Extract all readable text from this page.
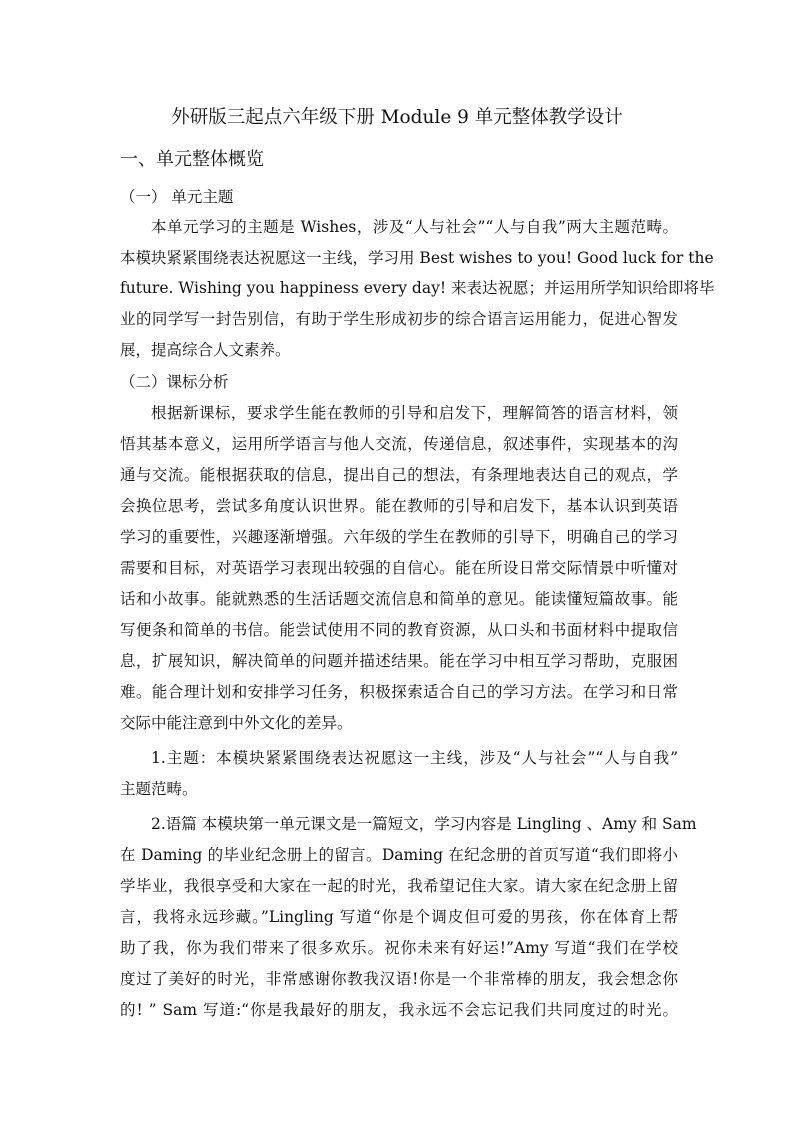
外研版三起点六年级下册 Module 9 单元整体教学设计
一、单元整体概览
（一） 单元主题
本单元学习的主题是 Wishes，涉及“人与社会”“人与自我”两大主题范畴。
本模块紧紧围绕表达祝愿这一主线，学习用 Best wishes to you! Good luck for the
future. Wishing you happiness every day! 来表达祝愿；并运用所学知识给即将毕
业的同学写一封告别信，有助于学生形成初步的综合语言运用能力，促进心智发
展，提高综合人文素养。
（二）课标分析
根据新课标，要求学生能在教师的引导和启发下，理解简答的语言材料，领
悟其基本意义，运用所学语言与他人交流，传递信息，叙述事件，实现基本的沟
通与交流。能根据获取的信息，提出自己的想法，有条理地表达自己的观点，学
会换位思考，尝试多角度认识世界。能在教师的引导和启发下，基本认识到英语
学习的重要性，兴趣逐渐增强。六年级的学生在教师的引导下，明确自己的学习
需要和目标，对英语学习表现出较强的自信心。能在所设日常交际情景中听懂对
话和小故事。能就熟悉的生活话题交流信息和简单的意见。能读懂短篇故事。能
写便条和简单的书信。能尝试使用不同的教育资源，从口头和书面材料中提取信
息，扩展知识，解决简单的问题并描述结果。能在学习中相互学习帮助，克服困
难。能合理计划和安排学习任务，积极探索适合自己的学习方法。在学习和日常
交际中能注意到中外文化的差异。
1.主题：本模块紧紧围绕表达祝愿这一主线，涉及“人与社会”“人与自我”
主题范畴。
2.语篇 本模块第一单元课文是一篇短文，学习内容是 Lingling 、Amy 和 Sam
在 Daming 的毕业纪念册上的留言。Daming 在纪念册的首页写道“我们即将小
学毕业，我很享受和大家在一起的时光，我希望记住大家。请大家在纪念册上留
言，我将永远珍藏。”Lingling 写道“你是个调皮但可爱的男孩，你在体育上帮
助了我，你为我们带来了很多欢乐。祝你未来有好运!”Amy 写道“我们在学校
度过了美好的时光，非常感谢你教我汉语!你是一个非常棒的朋友，我会想念你
的! ” Sam 写道:“你是我最好的朋友，我永远不会忘记我们共同度过的时光。
